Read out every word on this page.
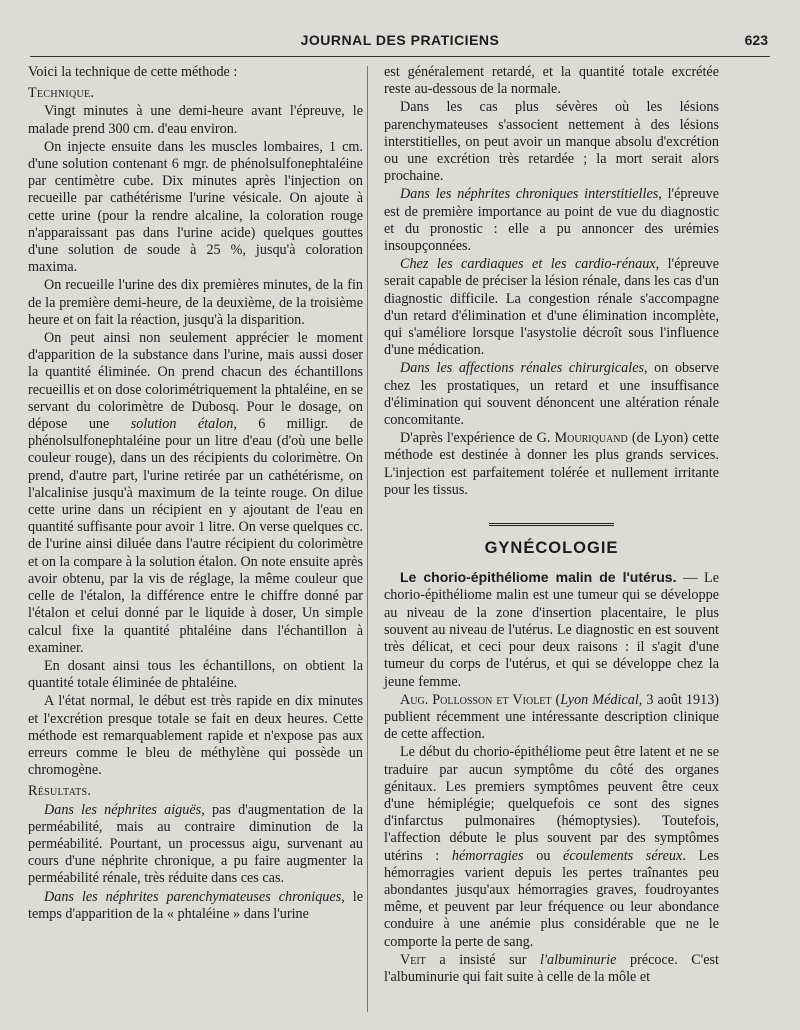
JOURNAL DES PRATICIENS	623

Voici la technique de cette méthode :

Technique.

Vingt minutes à une demi-heure avant l'épreuve, le malade prend 300 cm. d'eau environ.

On injecte ensuite dans les muscles lombaires, 1 cm. d'une solution contenant 6 mgr. de phénolsulfonephtaléine par centimètre cube. Dix minutes après l'injection on recueille par cathétérisme l'urine vésicale. On ajoute à cette urine (pour la rendre alcaline, la coloration rouge n'apparaissant pas dans l'urine acide) quelques gouttes d'une solution de soude à 25 %, jusqu'à coloration maxima.

On recueille l'urine des dix premières minutes, de la fin de la première demi-heure, de la deuxième, de la troisième heure et on fait la réaction, jusqu'à la disparition.

On peut ainsi non seulement apprécier le moment d'apparition de la substance dans l'urine, mais aussi doser la quantité éliminée. On prend chacun des échantillons recueillis et on dose colorimétriquement la phtaléine, en se servant du colorimètre de Dubosq. Pour le dosage, on dépose une solution étalon, 6 milligr. de phénolsulfonephtaléine pour un litre d'eau (d'où une belle couleur rouge), dans un des récipients du colorimètre. On prend, d'autre part, l'urine retirée par un cathétérisme, on l'alcalinise jusqu'à maximum de la teinte rouge. On dilue cette urine dans un récipient en y ajoutant de l'eau en quantité suffisante pour avoir 1 litre. On verse quelques cc. de l'urine ainsi diluée dans l'autre récipient du colorimètre et on la compare à la solution étalon. On note ensuite après avoir obtenu, par la vis de réglage, la même couleur que celle de l'étalon, la différence entre le chiffre donné par l'étalon et celui donné par le liquide à doser, Un simple calcul fixe la quantité phtaléine dans l'échantillon à examiner.

En dosant ainsi tous les échantillons, on obtient la quantité totale éliminée de phtaléine.

A l'état normal, le début est très rapide en dix minutes et l'excrétion presque totale se fait en deux heures. Cette méthode est remarquablement rapide et n'expose pas aux erreurs comme le bleu de méthylène qui possède un chromogène.

Résultats.

Dans les néphrites aiguës, pas d'augmentation de la perméabilité, mais au contraire diminution de la perméabilité. Pourtant, un processus aigu, survenant au cours d'une néphrite chronique, a pu faire augmenter la perméabilité rénale, très réduite dans ces cas.

Dans les néphrites parenchymateuses chroniques, le temps d'apparition de la « phtaléine » dans l'urine

est généralement retardé, et la quantité totale excrétée reste au-dessous de la normale.

Dans les cas plus sévères où les lésions parenchymateuses s'associent nettement à des lésions interstitielles, on peut avoir un manque absolu d'excrétion ou une excrétion très retardée ; la mort serait alors prochaine.

Dans les néphrites chroniques interstitielles, l'épreuve est de première importance au point de vue du diagnostic et du pronostic : elle a pu annoncer des urémies insoupçonnées.

Chez les cardiaques et les cardio-rénaux, l'épreuve serait capable de préciser la lésion rénale, dans les cas d'un diagnostic difficile. La congestion rénale s'accompagne d'un retard d'élimination et d'une élimination incomplète, qui s'améliore lorsque l'asystolie décroît sous l'influence d'une médication.

Dans les affections rénales chirurgicales, on observe chez les prostatiques, un retard et une insuffisance d'élimination qui souvent dénoncent une altération rénale concomitante.

D'après l'expérience de G. Mouriquand (de Lyon) cette méthode est destinée à donner les plus grands services. L'injection est parfaitement tolérée et nullement irritante pour les tissus.

GYNÉCOLOGIE

Le chorio-épithéliome malin de l'utérus. — Le chorio-épithéliome malin est une tumeur qui se développe au niveau de la zone d'insertion placentaire, le plus souvent au niveau de l'utérus. Le diagnostic en est souvent très délicat, et ceci pour deux raisons : il s'agit d'une tumeur du corps de l'utérus, et qui se développe chez la jeune femme.

Aug. Pollosson et Violet (Lyon Médical, 3 août 1913) publient récemment une intéressante description clinique de cette affection.

Le début du chorio-épithéliome peut être latent et ne se traduire par aucun symptôme du côté des organes génitaux. Les premiers symptômes peuvent être ceux d'une hémiplégie; quelquefois ce sont des signes d'infarctus pulmonaires (hémoptysies). Toutefois, l'affection débute le plus souvent par des symptômes utérins : hémorragies ou écoulements séreux. Les hémorragies varient depuis les pertes traînantes peu abondantes jusqu'aux hémorragies graves, foudroyantes même, et peuvent par leur fréquence ou leur abondance conduire à une anémie plus considérable que ne le comporte la perte de sang.

Veit a insisté sur l'albuminurie précoce. C'est l'albuminurie qui fait suite à celle de la môle et
